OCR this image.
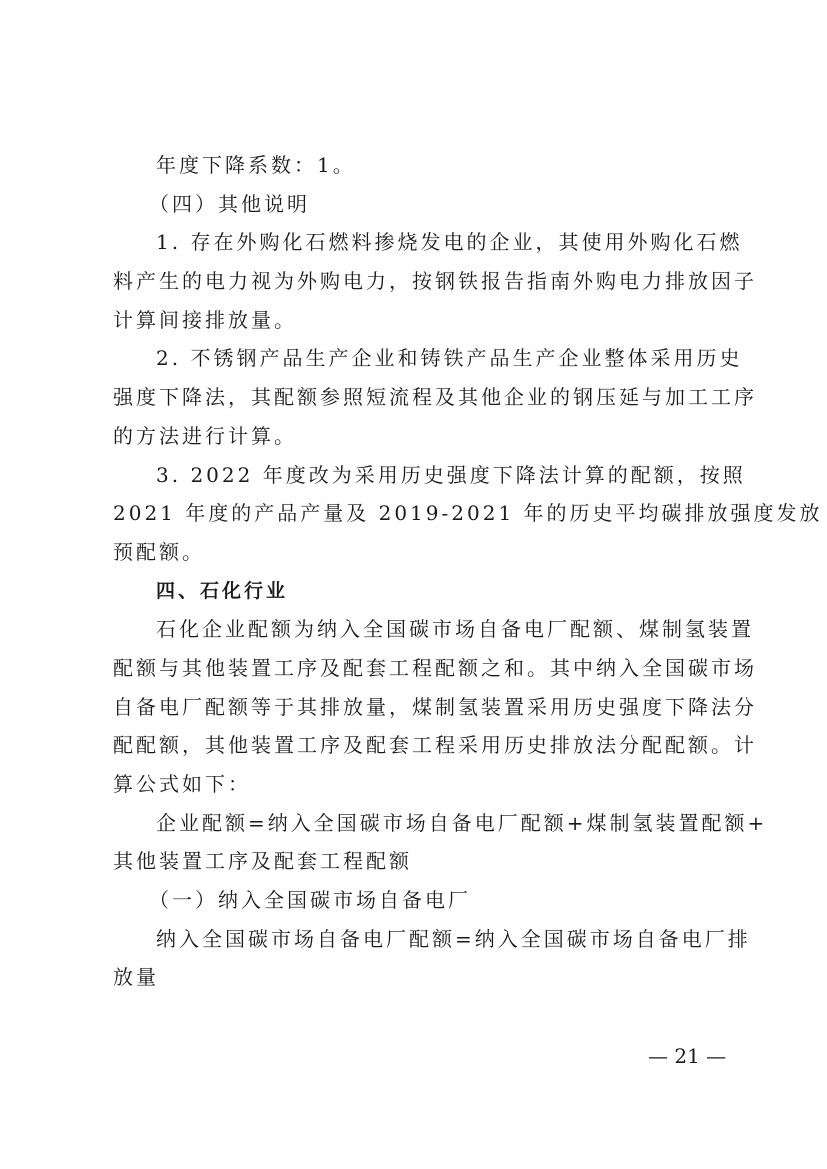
年度下降系数：1。
（四）其他说明
1. 存在外购化石燃料掺烧发电的企业，其使用外购化石燃
料产生的电力视为外购电力，按钢铁报告指南外购电力排放因子
计算间接排放量。
2. 不锈钢产品生产企业和铸铁产品生产企业整体采用历史
强度下降法，其配额参照短流程及其他企业的钢压延与加工工序
的方法进行计算。
3. 2022 年度改为采用历史强度下降法计算的配额，按照
2021 年度的产品产量及 2019-2021 年的历史平均碳排放强度发放
预配额。
四、石化行业
石化企业配额为纳入全国碳市场自备电厂配额、煤制氢装置
配额与其他装置工序及配套工程配额之和。其中纳入全国碳市场
自备电厂配额等于其排放量，煤制氢装置采用历史强度下降法分
配配额，其他装置工序及配套工程采用历史排放法分配配额。计
算公式如下：
企业配额=纳入全国碳市场自备电厂配额+煤制氢装置配额+
其他装置工序及配套工程配额
（一）纳入全国碳市场自备电厂
纳入全国碳市场自备电厂配额=纳入全国碳市场自备电厂排
放量
— 21 —
